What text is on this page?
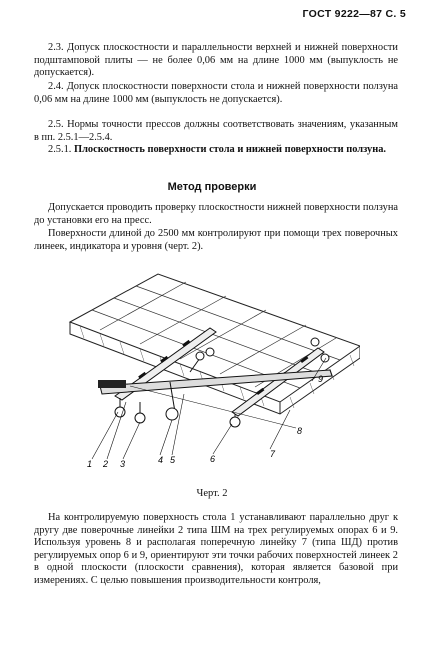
ГОСТ 9222—87 С. 5

2.3. Допуск плоскостности и параллельности верхней и нижней поверхности подштамповой плиты — не более 0,06 мм на длине 1000 мм (выпуклость не допускается).

2.4. Допуск плоскостности поверхности стола и нижней поверхности ползуна 0,06 мм на длине 1000 мм (выпуклость не допускается).

2.5. Нормы точности прессов должны соответствовать значениям, указанным в пп. 2.5.1—2.5.4.

2.5.1. Плоскостность поверхности стола и нижней поверхности ползуна.

Метод проверки

Допускается проводить проверку плоскостности нижней поверхности ползуна до установки его на пресс.

Поверхности длиной до 2500 мм контролируют при помощи трех поверочных линеек, индикатора и уровня (черт. 2).

1 2 3	4 5	6	7
8
9
Черт. 2

На контролируемую поверхность стола 1 устанавливают параллельно друг к другу две поверочные линейки 2 типа ШМ на трех регулируемых опорах 6 и 9. Используя уровень 8 и располагая поперечную линейку 7 (типа ШД) против регулируемых опор 6 и 9, ориентируют эти точки рабочих поверхностей линеек 2 в одной плоскости (плоскости сравнения), которая является базовой при измерениях. С целью повышения производительности контроля,
